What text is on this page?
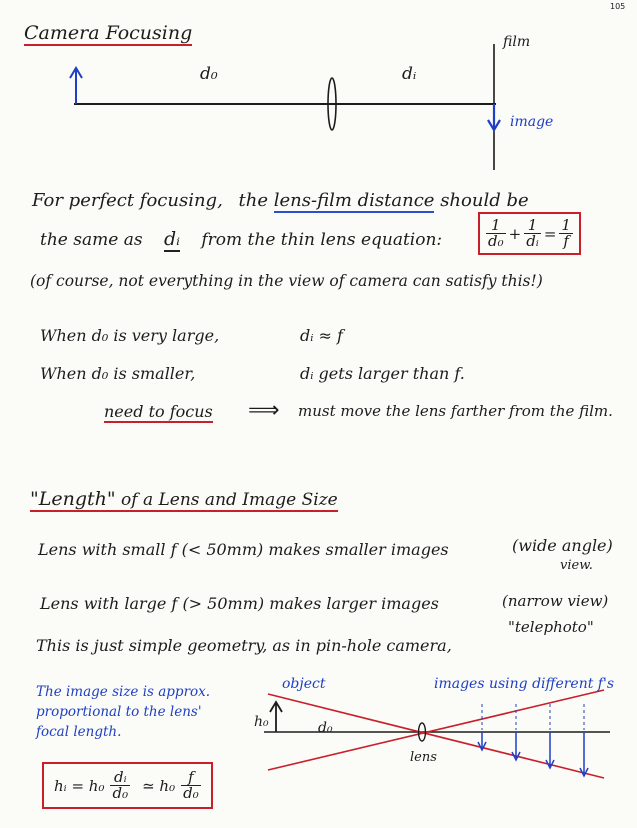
105
Camera Focusing
d₀	dᵢ
film
image
For perfect focusing, the lens-film distance should be
the same as dᵢ from the thin lens equation:	$\frac{1}{\text{d₀}} + \frac{1}{\text{dᵢ}} = \frac{1}{f}$
(of course, not everything in the view of camera can satisfy this!)
When d₀ is very large,	dᵢ ≈ f
When d₀ is smaller,	dᵢ gets larger than f.
need to focus ⟹ must move the lens farther from the film.
"Length" of a Lens and Image Size
Lens with small f (< 50mm) makes smaller images	(wide angle)
view.
Lens with large f (> 50mm) makes larger images	(narrow view)
This is just simple geometry, as in pin-hole camera,
"telephoto"
The image size is approx.
proportional to the lens'
focal length.
hᵢ = $h_0 \frac{\text{dᵢ}}{\text{d₀}}$ ≃ $h_0 \frac{f}{\text{d₀}}$
object	images using different f's
h₀	d₀
lens
